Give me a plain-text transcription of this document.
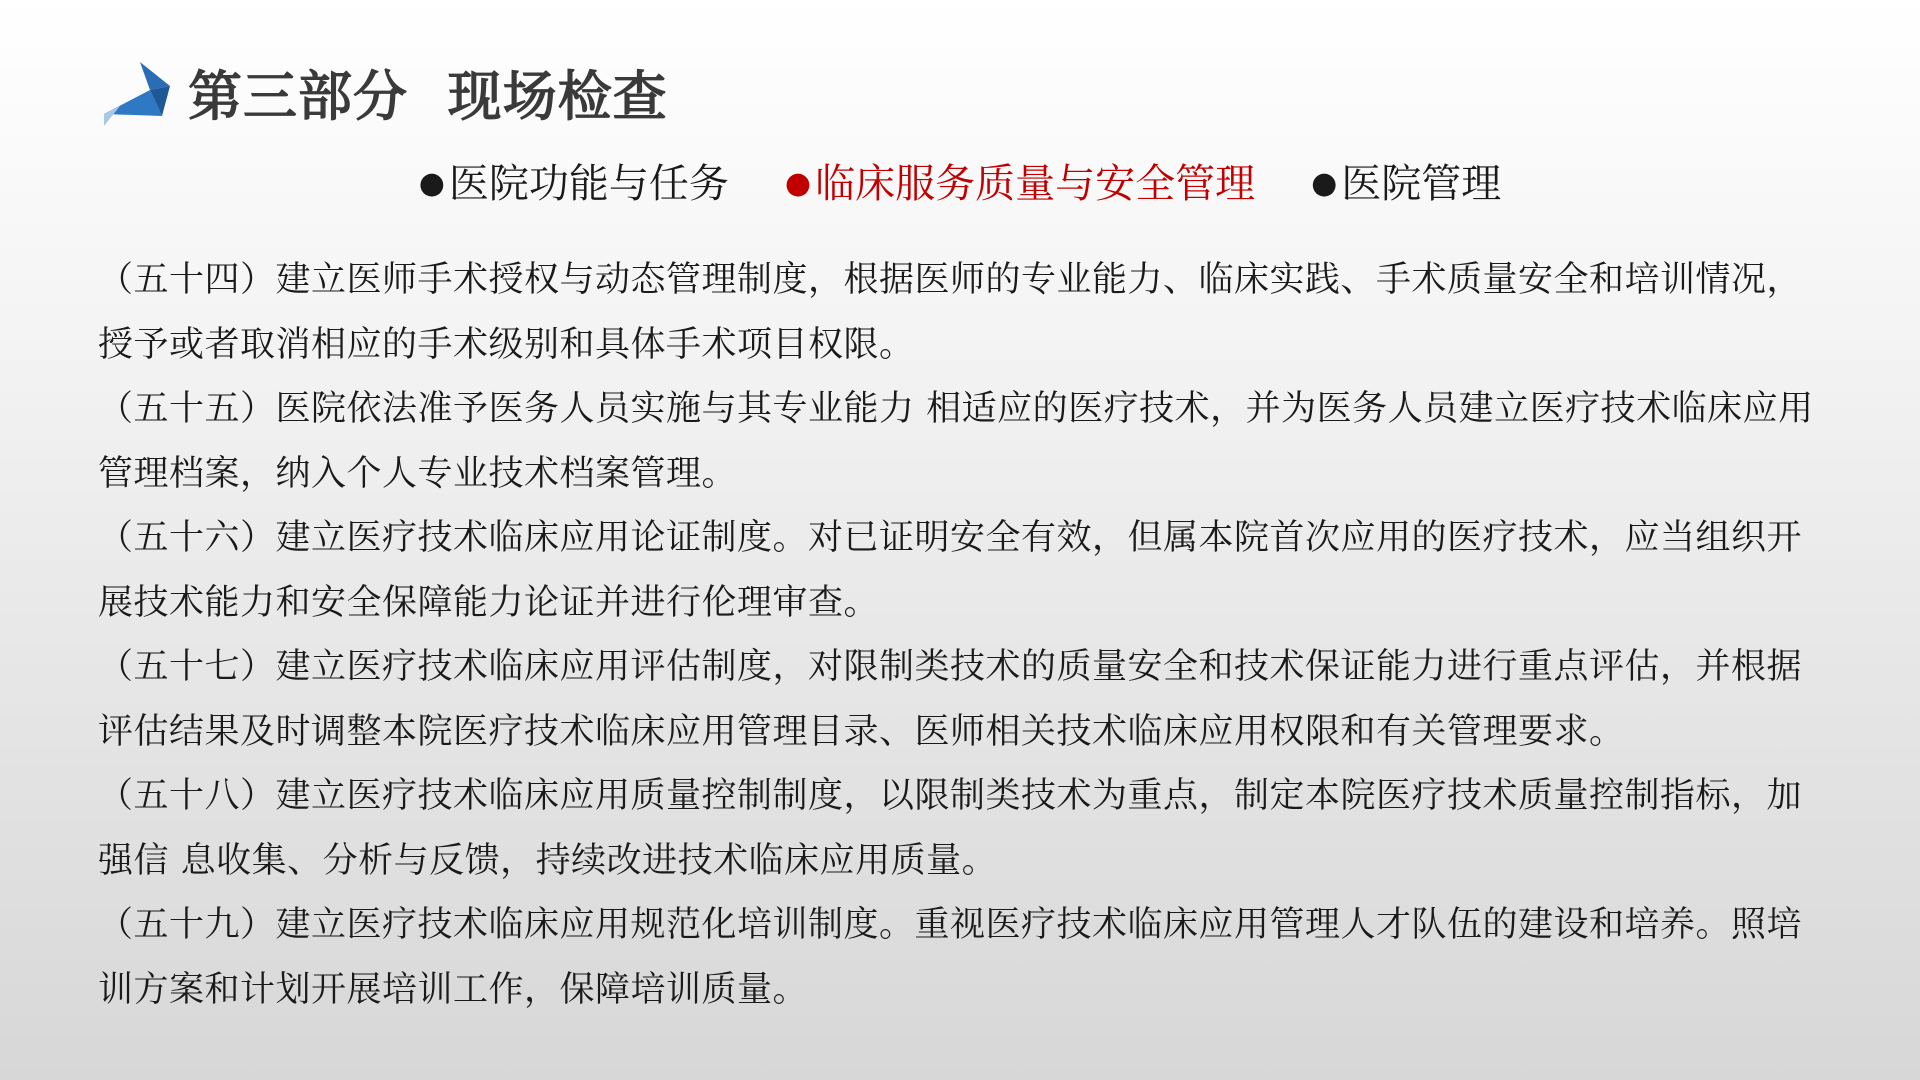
第三部分  现场检查
● 医院功能与任务 ● 临床服务质量与安全管理 ● 医院管理

（五十四）建立医师手术授权与动态管理制度，根据医师的专业能力、临床实践、手术质量安全和培训情况，授予或者取消相应的手术级别和具体手术项目权限。

（五十五）医院依法准予医务人员实施与其专业能力 相适应的医疗技术，并为医务人员建立医疗技术临床应用管理档案，纳入个人专业技术档案管理。

（五十六）建立医疗技术临床应用论证制度。对已证明安全有效，但属本院首次应用的医疗技术，应当组织开展技术能力和安全保障能力论证并进行伦理审查。

（五十七）建立医疗技术临床应用评估制度，对限制类技术的质量安全和技术保证能力进行重点评估，并根据评估结果及时调整本院医疗技术临床应用管理目录、医师相关技术临床应用权限和有关管理要求。

（五十八）建立医疗技术临床应用质量控制制度，以限制类技术为重点，制定本院医疗技术质量控制指标，加强信 息收集、分析与反馈，持续改进技术临床应用质量。

（五十九）建立医疗技术临床应用规范化培训制度。重视医疗技术临床应用管理人才队伍的建设和培养。照培训方案和计划开展培训工作，保障培训质量。
